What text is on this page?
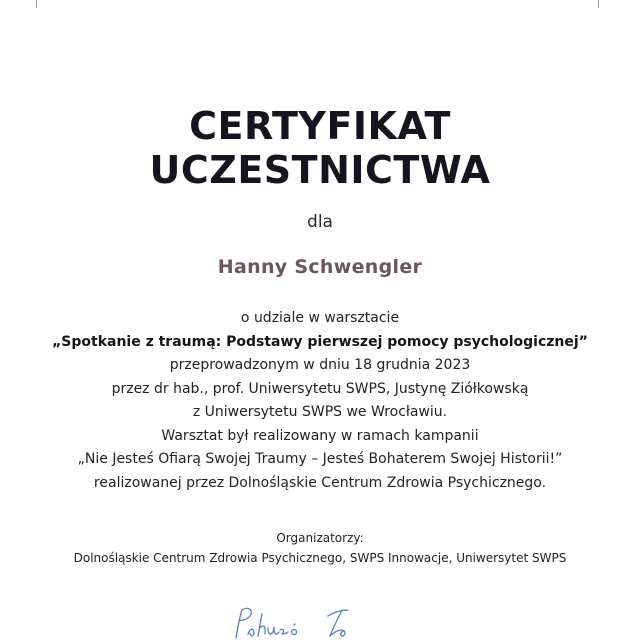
CERTYFIKAT
UCZESTNICTWA
dla
Hanny Schwengler
o udziale w warsztacie
„Spotkanie z traumą: Podstawy pierwszej pomocy psychologicznej”
przeprowadzonym w dniu 18 grudnia 2023
przez dr hab., prof. Uniwersytetu SWPS, Justynę Ziółkowską
z Uniwersytetu SWPS we Wrocławiu.
Warsztat był realizowany w ramach kampanii
„Nie Jesteś Ofiarą Swojej Traumy – Jesteś Bohaterem Swojej Historii!”
realizowanej przez Dolnośląskie Centrum Zdrowia Psychicznego.
Organizatorzy:
Dolnośląskie Centrum Zdrowia Psychicznego, SWPS Innowacje, Uniwersytet SWPS
